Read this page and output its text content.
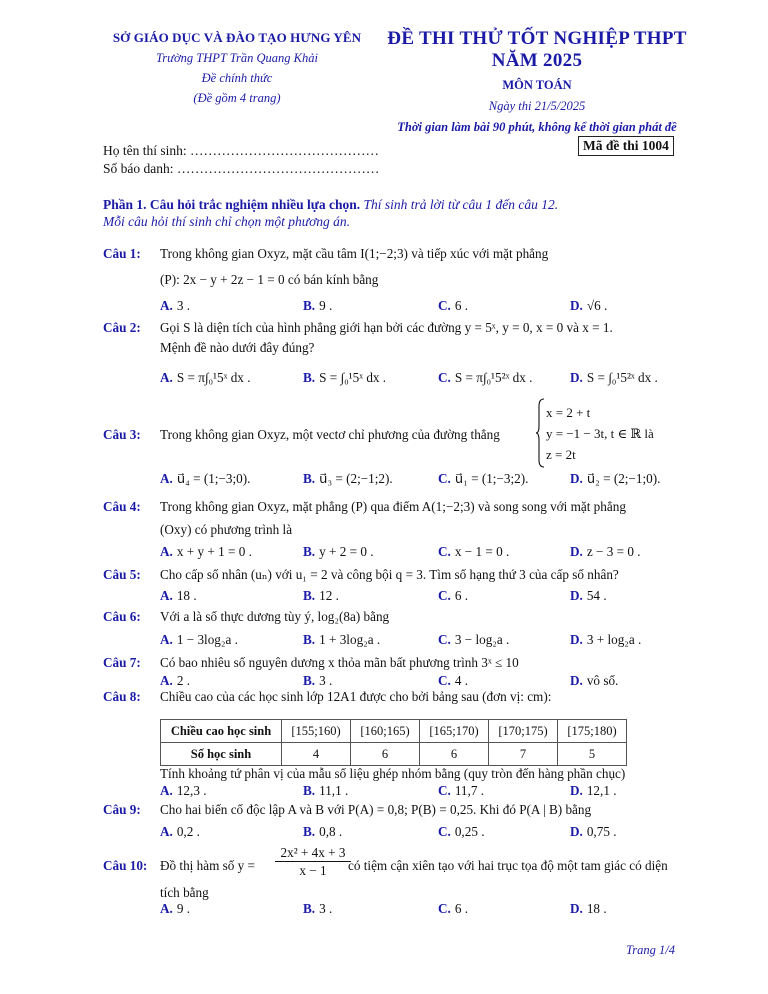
SỞ GIÁO DỤC VÀ ĐÀO TẠO HƯNG YÊN
Trường THPT Trần Quang Khải
Đề chính thức
(Đề gồm 4 trang)
ĐỀ THI THỬ TỐT NGHIỆP THPT NĂM 2025
MÔN TOÁN
Ngày thi 21/5/2025
Thời gian làm bài 90 phút, không kể thời gian phát đề
Họ tên thí sinh: ……………………………………
Số báo danh: ………………………………………
Mã đề thi 1004
Phần 1. Câu hỏi trắc nghiệm nhiều lựa chọn. Thí sinh trả lời từ câu 1 đến câu 12.
Mỗi câu hỏi thí sinh chỉ chọn một phương án.
Câu 1: Trong không gian Oxyz, mặt cầu tâm I(1;−2;3) và tiếp xúc với mặt phẳng
(P): 2x − y + 2z − 1 = 0 có bán kính bằng
A. 3 .	B. 9 .	C. 6 .	D. √6 .
Câu 2: Gọi S là diện tích của hình phẳng giới hạn bởi các đường y = 5ˣ, y = 0, x = 0 và x = 1.
Mệnh đề nào dưới đây đúng?
A. S = π∫₀¹5ˣ dx .	B. S = ∫₀¹5ˣ dx .	C. S = π∫₀¹5²ˣ dx .	D. S = ∫₀¹5²ˣ dx .
Câu 3: Trong không gian Oxyz, một vectơ chỉ phương của đường thẳng
A. u⃗₄ = (1;−3;0).	B. u⃗₃ = (2;−1;2).	C. u⃗₁ = (1;−3;2).	D. u⃗₂ = (2;−1;0).
x = 2 + t
y = −1 − 3t, t ∈ ℝ là
z = 2t
Câu 4: Trong không gian Oxyz, mặt phẳng (P) qua điểm A(1;−2;3) và song song với mặt phẳng
(Oxy) có phương trình là
A. x + y + 1 = 0 .	B. y + 2 = 0 .	C. x − 1 = 0 .	D. z − 3 = 0 .
Câu 5: Cho cấp số nhân (uₙ) với u₁ = 2 và công bội q = 3. Tìm số hạng thứ 3 của cấp số nhân?
A. 18 .	B. 12 .	C. 6 .	D. 54 .
Câu 6: Với a là số thực dương tùy ý, log₂(8a) bằng
A. 1 − 3log₂a .	B. 1 + 3log₂a .	C. 3 − log₂a .	D. 3 + log₂a .
Câu 7: Có bao nhiêu số nguyên dương x thỏa mãn bất phương trình 3ˣ ≤ 10
A. 2 .	B. 3 .	C. 4 .	D. vô số.
Câu 8: Chiều cao của các học sinh lớp 12A1 được cho bởi bảng sau (đơn vị: cm):
Tính khoảng tứ phân vị của mẫu số liệu ghép nhóm bằng (quy tròn đến hàng phần chục)
A. 12,3 .	B. 11,1 .	C. 11,7 .	D. 12,1 .
Chiều cao học sinh	[155;160)	[160;165)	[165;170)	[170;175)	[175;180)
Số học sinh	4	6	6	7	5
Câu 9: Cho hai biến cố độc lập A và B với P(A) = 0,8; P(B) = 0,25. Khi đó P(A | B) bằng
A. 0,2 .	B. 0,8 .	C. 0,25 .	D. 0,75 .
Câu 10: Đồ thị hàm số $y = \frac{\text{2x² + 4x + 3}}{x - 1}$
có tiệm cận xiên tạo với hai trục tọa độ một tam giác có diện
tích bằng
A. 9 .	B. 3 .	C. 6 .	D. 18 .
Trang 1/4
